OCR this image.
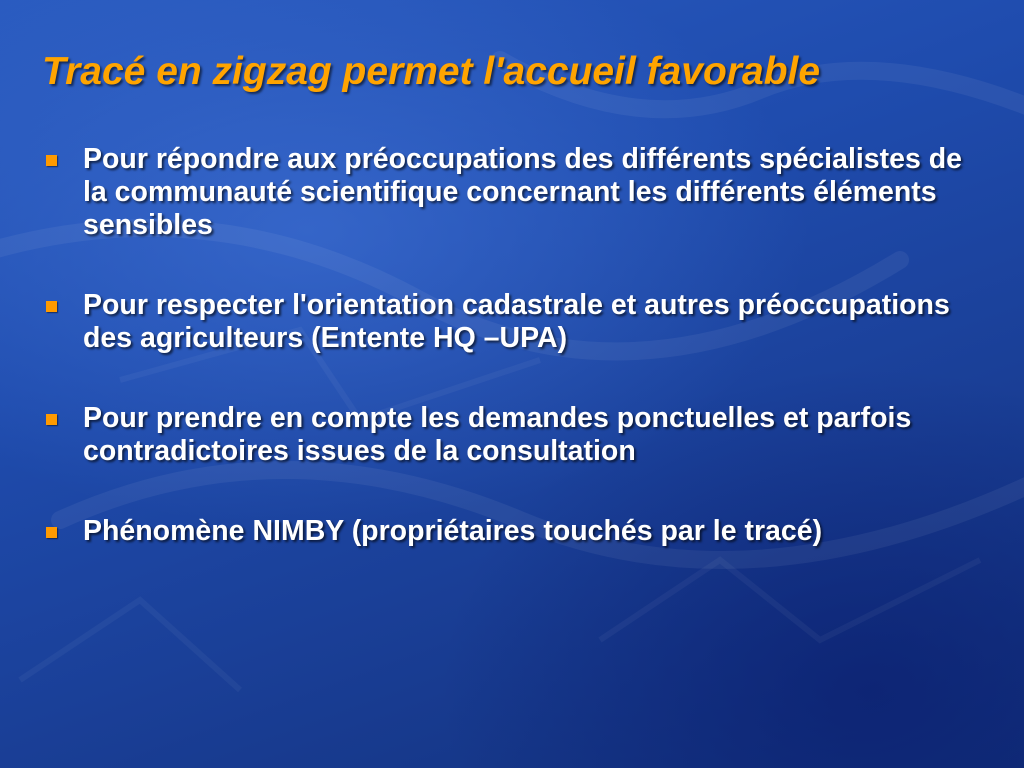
Tracé en zigzag permet l'accueil favorable
Pour répondre aux préoccupations des différents spécialistes de la communauté scientifique concernant les différents éléments sensibles
Pour respecter l'orientation cadastrale et autres préoccupations des agriculteurs (Entente HQ –UPA)
Pour prendre en compte les demandes ponctuelles et parfois contradictoires issues de la consultation
Phénomène NIMBY (propriétaires touchés par le tracé)
